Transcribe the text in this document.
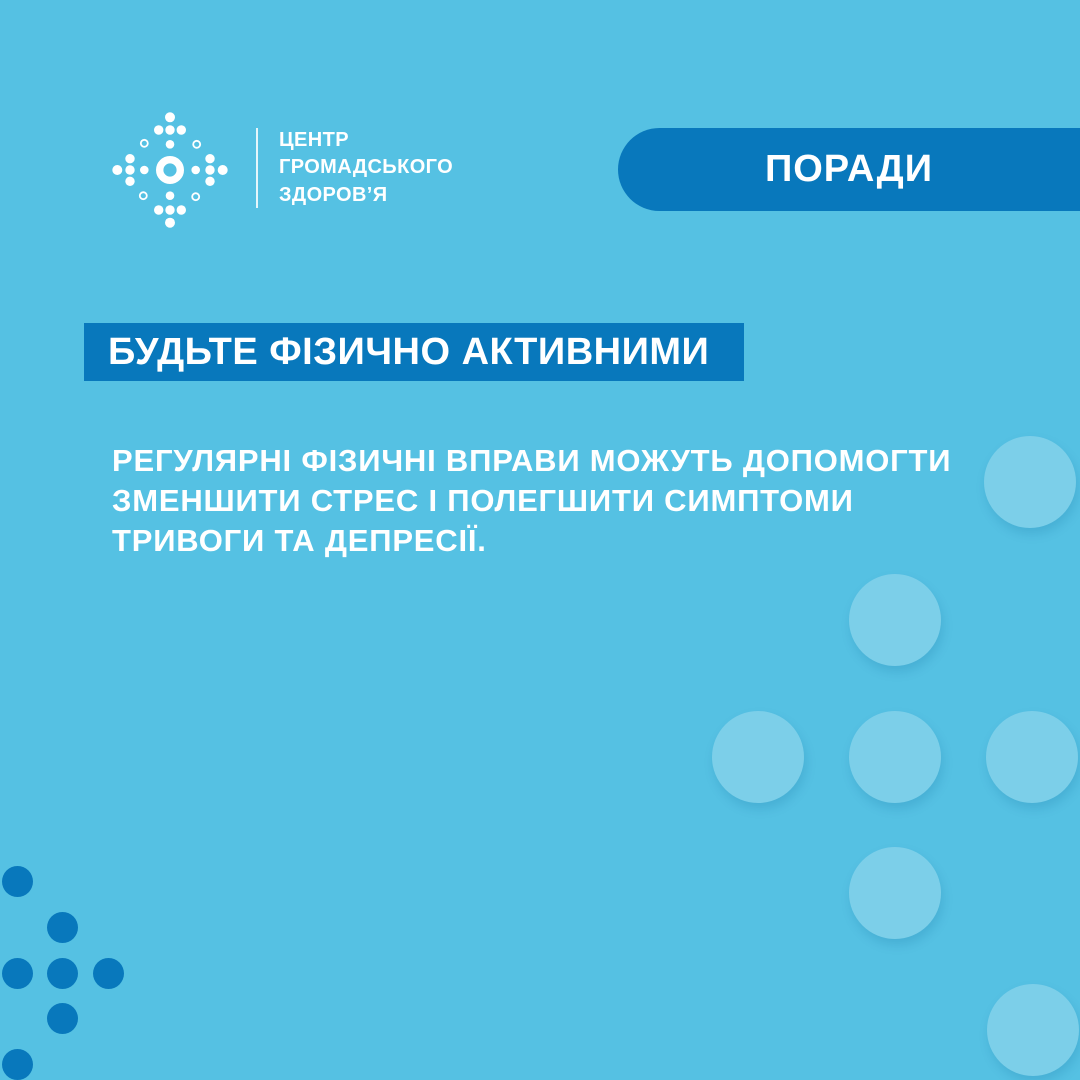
ЦЕНТР
ГРОМАДСЬКОГО
ЗДОРОВ’Я
ПОРАДИ
БУДЬТЕ ФІЗИЧНО АКТИВНИМИ
РЕГУЛЯРНІ ФІЗИЧНІ ВПРАВИ МОЖУТЬ ДОПОМОГТИ
ЗМЕНШИТИ СТРЕС І ПОЛЕГШИТИ СИМПТОМИ
ТРИВОГИ ТА ДЕПРЕСІЇ.
